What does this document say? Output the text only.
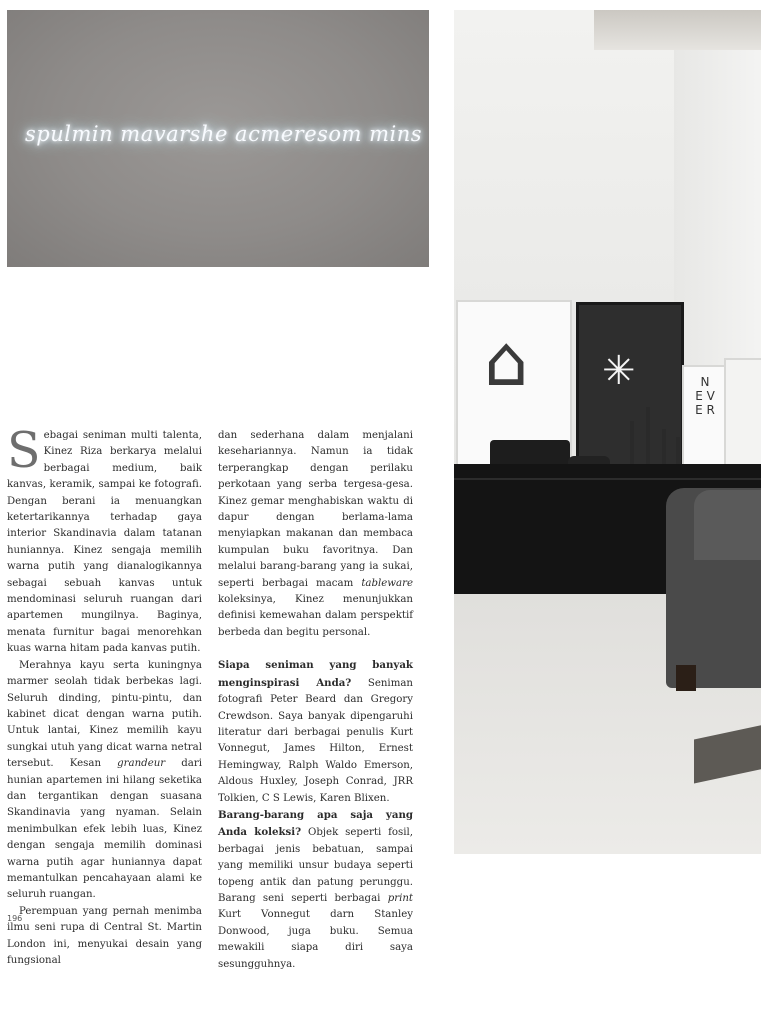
spulmin mavarshe acmeresom mins
⌂ ✳	N
E V
E R

Sebagai seniman multi talenta, Kinez Riza berkarya melalui berbagai medium, baik kanvas, keramik, sampai ke fotografi. Dengan berani ia menuangkan ketertarikannya terhadap gaya interior Skandinavia dalam tatanan huniannya. Kinez sengaja memilih warna putih yang dianalogikannya sebagai sebuah kanvas untuk mendominasi seluruh ruangan dari apartemen mungilnya. Baginya, menata furnitur bagai menorehkan kuas warna hitam pada kanvas putih.

Merahnya kayu serta kuningnya marmer seolah tidak berbekas lagi. Seluruh dinding, pintu-pintu, dan kabinet dicat dengan warna putih. Untuk lantai, Kinez memilih kayu sungkai utuh yang dicat warna netral tersebut. Kesan grandeur dari hunian apartemen ini hilang seketika dan tergantikan dengan suasana Skandinavia yang nyaman. Selain menimbulkan efek lebih luas, Kinez dengan sengaja memilih dominasi warna putih agar huniannya dapat memantulkan pencahayaan alami ke seluruh ruangan.

Perempuan yang pernah menimba ilmu seni rupa di Central St. Martin London ini, menyukai desain yang fungsional

dan sederhana dalam menjalani kesehariannya. Namun ia tidak terperangkap dengan perilaku perkotaan yang serba tergesa-gesa. Kinez gemar menghabiskan waktu di dapur dengan berlama-lama menyiapkan makanan dan membaca kumpulan buku favoritnya. Dan melalui barang-barang yang ia sukai, seperti berbagai macam tableware koleksinya, Kinez menunjukkan definisi kemewahan dalam perspektif berbeda dan begitu personal.

Siapa seniman yang banyak menginspirasi Anda? Seniman fotografi Peter Beard dan Gregory Crewdson. Saya banyak dipengaruhi literatur dari berbagai penulis Kurt Vonnegut, James Hilton, Ernest Hemingway, Ralph Waldo Emerson, Aldous Huxley, Joseph Conrad, JRR Tolkien, C S Lewis, Karen Blixen.

Barang-barang apa saja yang Anda koleksi? Objek seperti fosil, berbagai jenis bebatuan, sampai yang memiliki unsur budaya seperti topeng antik dan patung perunggu. Barang seni seperti berbagai print Kurt Vonnegut darn Stanley Donwood, juga buku. Semua mewakili siapa diri saya sesungguhnya.

196
